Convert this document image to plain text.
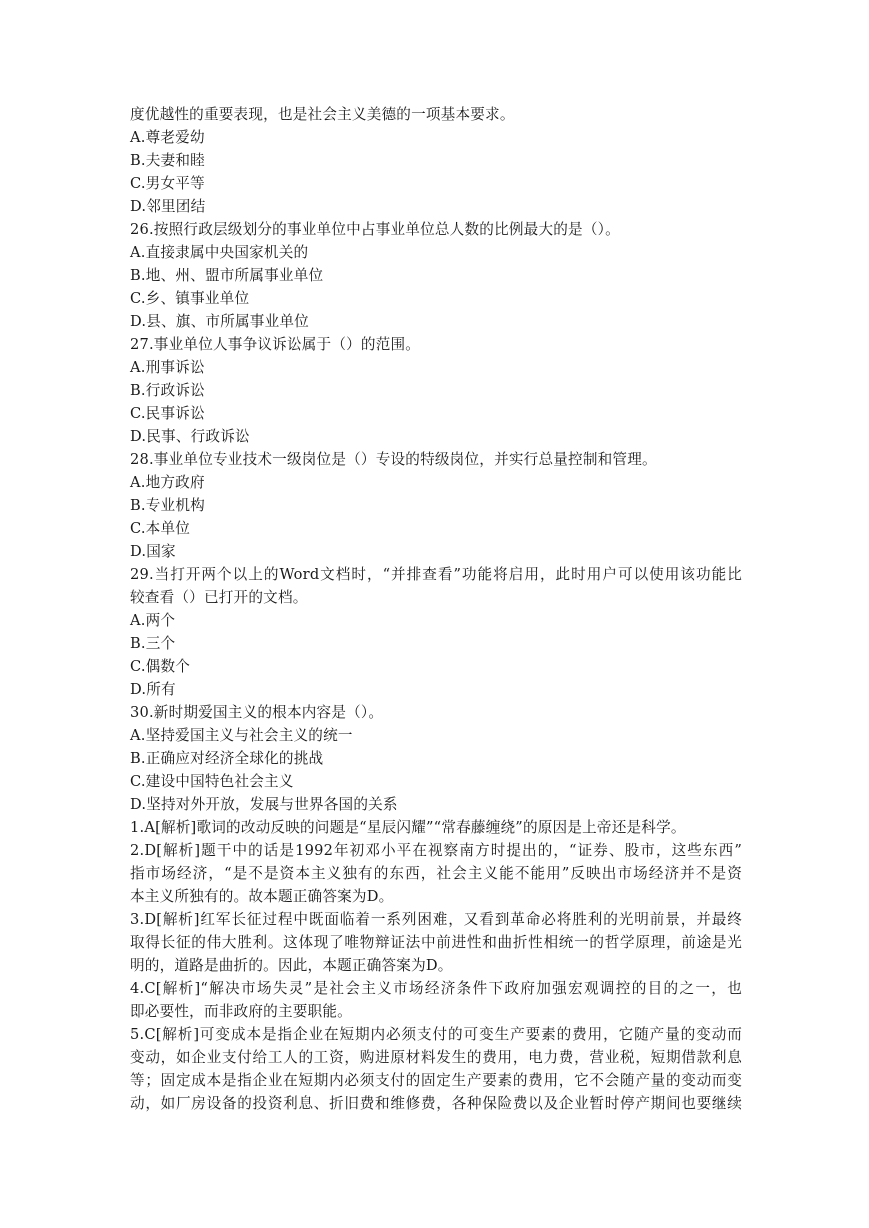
度优越性的重要表现，也是社会主义美德的一项基本要求。
A.尊老爱幼
B.夫妻和睦
C.男女平等
D.邻里团结
26.按照行政层级划分的事业单位中占事业单位总人数的比例最大的是（）。
A.直接隶属中央国家机关的
B.地、州、盟市所属事业单位
C.乡、镇事业单位
D.县、旗、市所属事业单位
27.事业单位人事争议诉讼属于（）的范围。
A.刑事诉讼
B.行政诉讼
C.民事诉讼
D.民事、行政诉讼
28.事业单位专业技术一级岗位是（）专设的特级岗位，并实行总量控制和管理。
A.地方政府
B.专业机构
C.本单位
D.国家
29.当打开两个以上的Word文档时，“并排查看”功能将启用，此时用户可以使用该功能比
较查看（）已打开的文档。
A.两个
B.三个
C.偶数个
D.所有
30.新时期爱国主义的根本内容是（）。
A.坚持爱国主义与社会主义的统一
B.正确应对经济全球化的挑战
C.建设中国特色社会主义
D.坚持对外开放，发展与世界各国的关系
1.A[解析]歌词的改动反映的问题是“星辰闪耀”“常春藤缠绕”的原因是上帝还是科学。
2.D[解析]题干中的话是1992年初邓小平在视察南方时提出的，“证券、股市，这些东西”
指市场经济，“是不是资本主义独有的东西，社会主义能不能用”反映出市场经济并不是资
本主义所独有的。故本题正确答案为D。
3.D[解析]红军长征过程中既面临着一系列困难，又看到革命必将胜利的光明前景，并最终
取得长征的伟大胜利。这体现了唯物辩证法中前进性和曲折性相统一的哲学原理，前途是光
明的，道路是曲折的。因此，本题正确答案为D。
4.C[解析]“解决市场失灵”是社会主义市场经济条件下政府加强宏观调控的目的之一，也
即必要性，而非政府的主要职能。
5.C[解析]可变成本是指企业在短期内必须支付的可变生产要素的费用，它随产量的变动而
变动，如企业支付给工人的工资，购进原材料发生的费用，电力费，营业税，短期借款利息
等；固定成本是指企业在短期内必须支付的固定生产要素的费用，它不会随产量的变动而变
动，如厂房设备的投资利息、折旧费和维修费，各种保险费以及企业暂时停产期间也要继续
